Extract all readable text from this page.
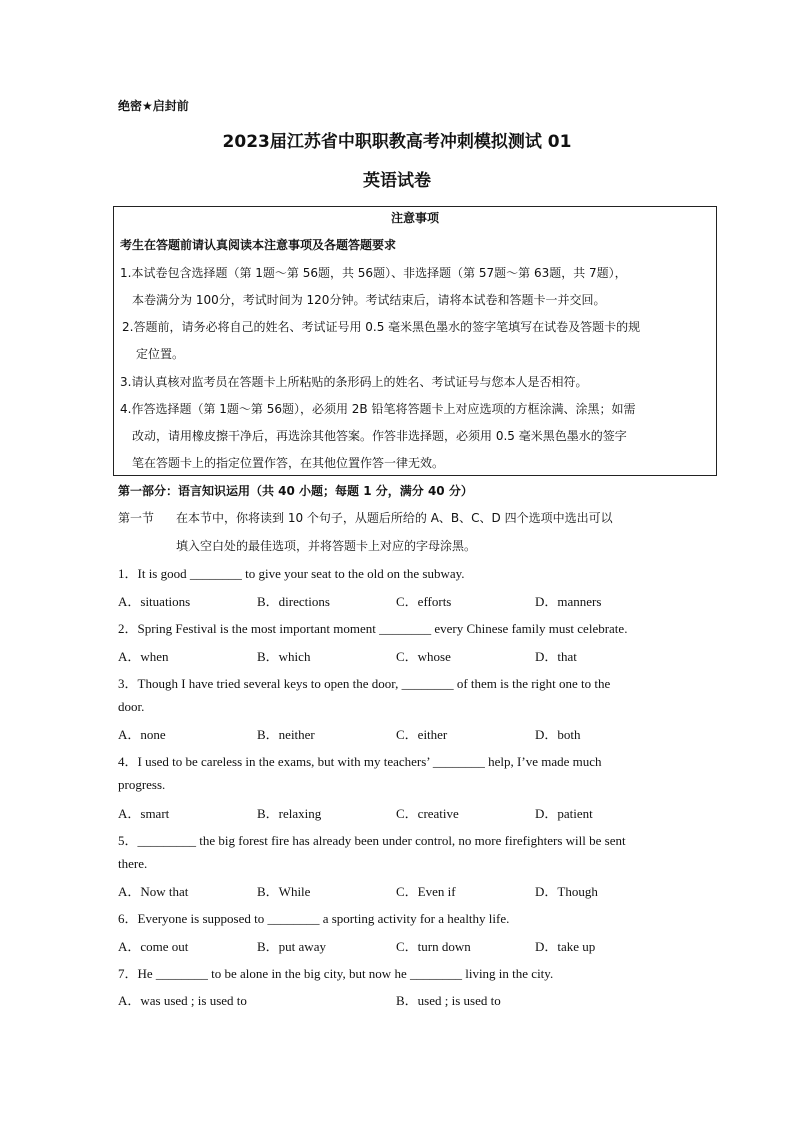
绝密★启封前
2023届江苏省中职职教高考冲刺模拟测试 01
英语试卷
注意事项
考生在答题前请认真阅读本注意事项及各题答题要求
1.本试卷包含选择题（第 1题～第 56题，共 56题）、非选择题（第 57题～第 63题，共 7题），
本卷满分为 100分，考试时间为 120分钟。考试结束后，请将本试卷和答题卡一并交回。
2.答题前，请务必将自己的姓名、考试证号用 0.5 毫米黑色墨水的签字笔填写在试卷及答题卡的规
定位置。
3.请认真核对监考员在答题卡上所粘贴的条形码上的姓名、考试证号与您本人是否相符。
4.作答选择题（第 1题～第 56题），必须用 2B 铅笔将答题卡上对应选项的方框涂满、涂黑；如需
改动，请用橡皮擦干净后，再选涂其他答案。作答非选择题，必须用 0.5 毫米黑色墨水的签字
笔在答题卡上的指定位置作答，在其他位置作答一律无效。
第一部分：语言知识运用（共 40 小题；每题 1 分，满分 40 分）
第一节 在本节中，你将读到 10 个句子，从题后所给的 A、B、C、D 四个选项中选出可以
填入空白处的最佳选项，并将答题卡上对应的字母涂黑。
1．It is good ________ to give your seat to the old on the subway.
A．situations	B．directions	C．efforts	D．manners
2．Spring Festival is the most important moment ________ every Chinese family must celebrate.
A．when	B．which	C．whose	D．that
3．Though I have tried several keys to open the door, ________ of them is the right one to the
door.
A．none	B．neither	C．either	D．both
4．I used to be careless in the exams, but with my teachers’ ________ help, I’ve made much
progress.
A．smart	B．relaxing	C．creative	D．patient
5．_________ the big forest fire has already been under control, no more firefighters will be sent
there.
A．Now that	B．While	C．Even if	D．Though
6．Everyone is supposed to ________ a sporting activity for a healthy life.
A．come out	B．put away	C．turn down	D．take up
7．He ________ to be alone in the big city, but now he ________ living in the city.
A．was used ; is used to	B．used ; is used to
